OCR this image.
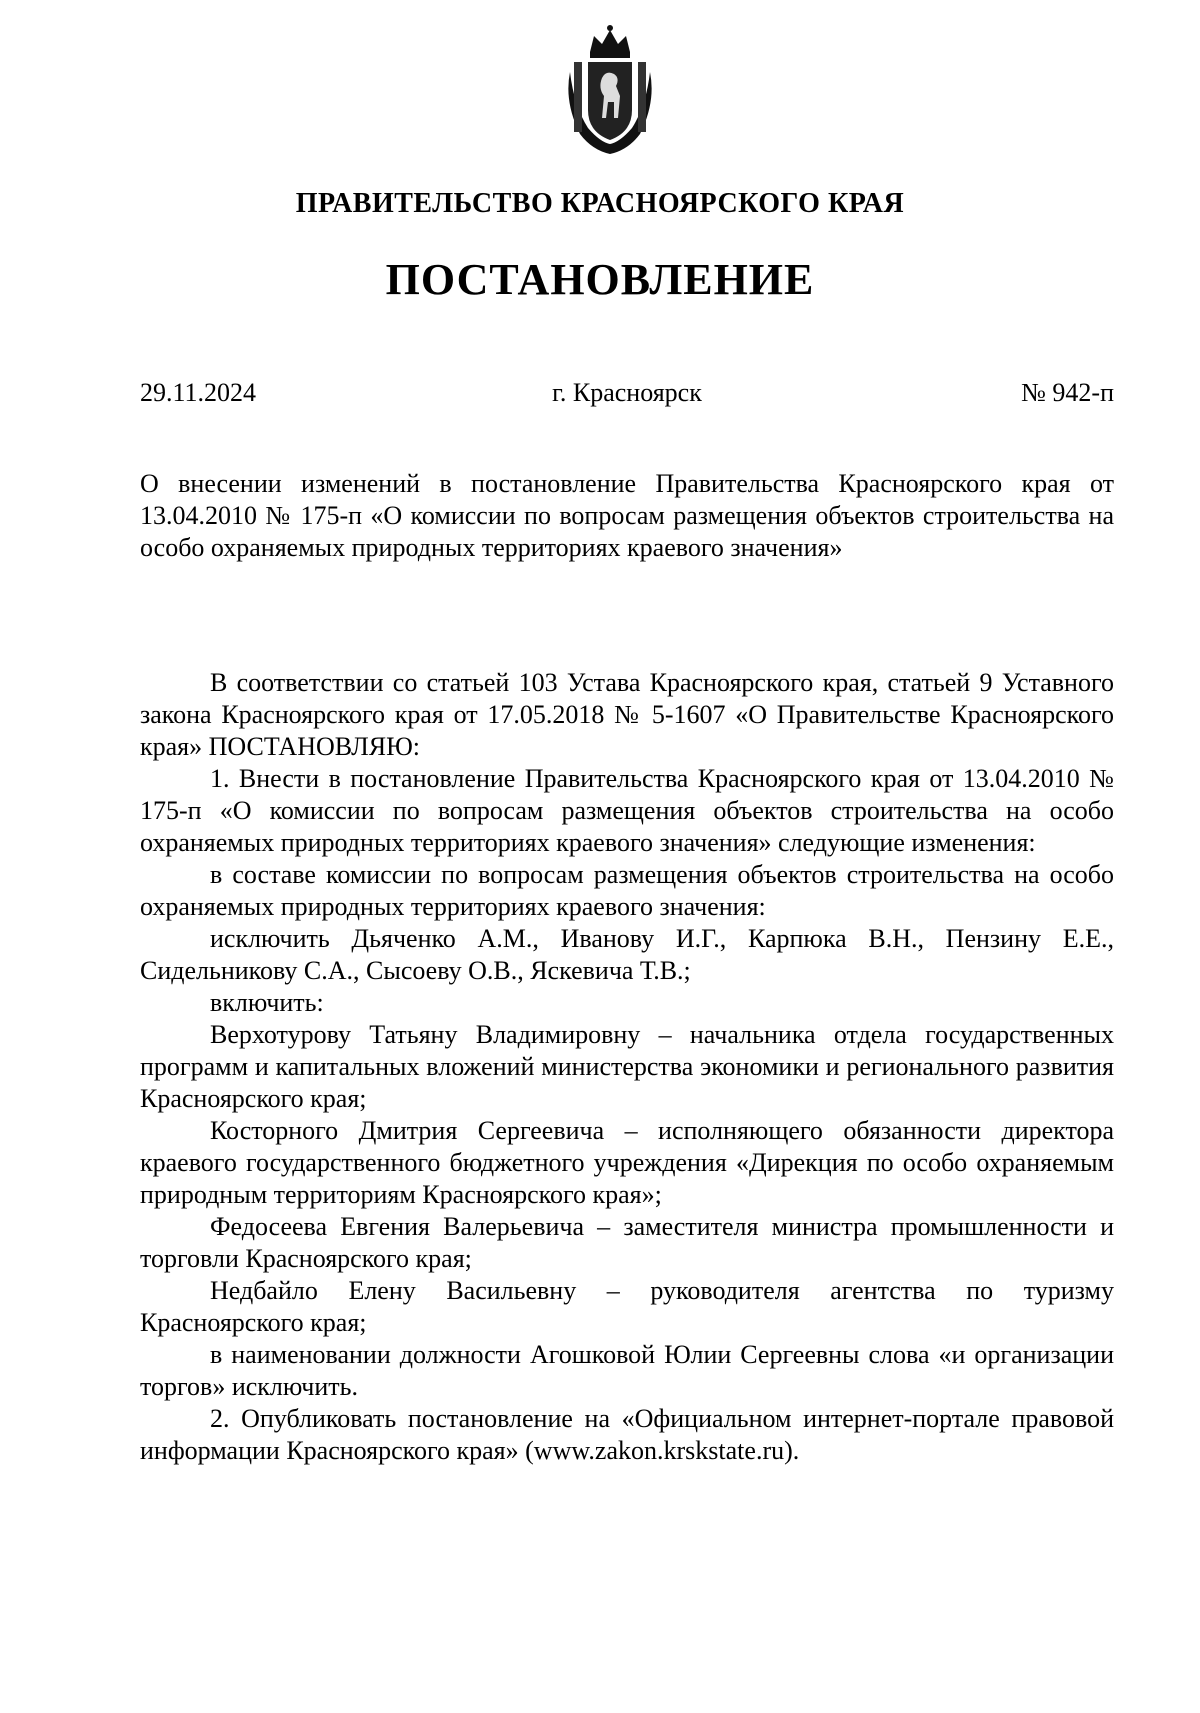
ПРАВИТЕЛЬСТВО КРАСНОЯРСКОГО КРАЯ
ПОСТАНОВЛЕНИЕ
29.11.2024	г. Красноярск	№ 942-п
О внесении изменений в постановление Правительства Красноярского края от 13.04.2010 № 175-п «О комиссии по вопросам размещения объектов строительства на особо охраняемых природных территориях краевого значения»

В соответствии со статьей 103 Устава Красноярского края, статьей 9 Уставного закона Красноярского края от 17.05.2018 № 5-1607 «О Правительстве Красноярского края» ПОСТАНОВЛЯЮ:

1. Внести в постановление Правительства Красноярского края от 13.04.2010 № 175-п «О комиссии по вопросам размещения объектов строительства на особо охраняемых природных территориях краевого значения» следующие изменения:

в составе комиссии по вопросам размещения объектов строительства на особо охраняемых природных территориях краевого значения:

исключить Дьяченко А.М., Иванову И.Г., Карпюка В.Н., Пензину Е.Е., Сидельникову С.А., Сысоеву О.В., Яскевича Т.В.;

включить:

Верхотурову Татьяну Владимировну – начальника отдела государственных программ и капитальных вложений министерства экономики и регионального развития Красноярского края;

Косторного Дмитрия Сергеевича – исполняющего обязанности директора краевого государственного бюджетного учреждения «Дирекция по особо охраняемым природным территориям Красноярского края»;

Федосеева Евгения Валерьевича – заместителя министра промышленности и торговли Красноярского края;

Недбайло Елену Васильевну – руководителя агентства по туризму Красноярского края;

в наименовании должности Агошковой Юлии Сергеевны слова «и организации торгов» исключить.

2. Опубликовать постановление на «Официальном интернет-портале правовой информации Красноярского края» (www.zakon.krskstate.ru).
